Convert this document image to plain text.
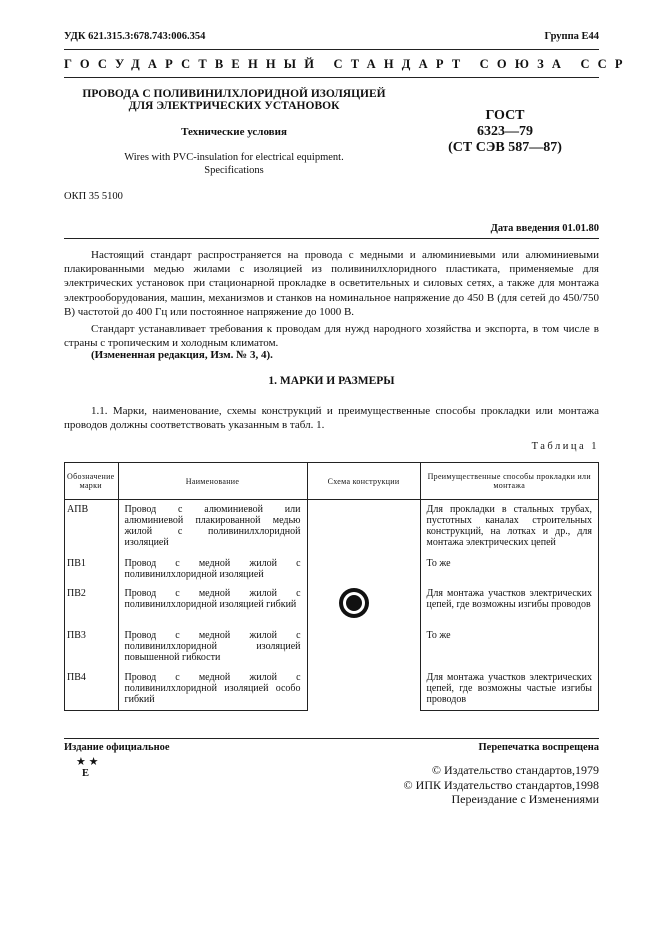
УДК 621.315.3:678.743:006.354	Группа Е44
ГОСУДАРСТВЕННЫЙ СТАНДАРТ СОЮЗА ССР
ПРОВОДА С ПОЛИВИНИЛХЛОРИДНОЙ ИЗОЛЯЦИЕЙ
ДЛЯ ЭЛЕКТРИЧЕСКИХ УСТАНОВОК
Технические условия
Wires with PVC-insulation for electrical equipment.
Specifications
ГОСТ
6323—79
(СТ СЭВ 587—87)
ОКП 35 5100
Дата введения 01.01.80
Настоящий стандарт распространяется на провода с медными и алюминиевыми или алюминиевыми плакированными медью жилами с изоляцией из поливинилхлоридного пластиката, применяемые для электрических установок при стационарной прокладке в осветительных и силовых сетях, а также для монтажа электрооборудования, машин, механизмов и станков на номинальное напряжение до 450 В (для сетей до 450/750 В) частотой до 400 Гц или постоянное напряжение до 1000 В.
Стандарт устанавливает требования к проводам для нужд народного хозяйства и экспорта, в том числе в страны с тропическим и холодным климатом.
(Измененная редакция, Изм. № 3, 4).
1. МАРКИ И РАЗМЕРЫ
1.1. Марки, наименование, схемы конструкций и преимущественные способы прокладки или монтажа проводов должны соответствовать указанным в табл. 1.
Таблица 1
Обозначение марки	Наименование	Схема конструкции	Преимущественные способы прокладки или монтажа
АПВ	Провод с алюминиевой или алюминиевой плакированной медью жилой с поливинилхлоридной изоляцией		Для прокладки в стальных трубах, пустотных каналах строительных конструкций, на лотках и др., для монтажа электрических цепей
ПВ1	Провод с медной жилой с поливинилхлоридной изоляцией		То же
ПВ2	Провод с медной жилой с поливинилхлоридной изоляцией гибкий		Для монтажа участков электрических цепей, где возможны изгибы проводов
ПВ3	Провод с медной жилой с поливинилхлоридной изоляцией повышенной гибкости		То же
ПВ4	Провод с медной жилой с поливинилхлоридной изоляцией особо гибкий		Для монтажа участков электрических цепей, где возможны частые изгибы проводов
Издание официальное	Перепечатка воспрещена
★ ★
Е	© Издательство стандартов,1979
© ИПК Издательство стандартов,1998
Переиздание с Изменениями
